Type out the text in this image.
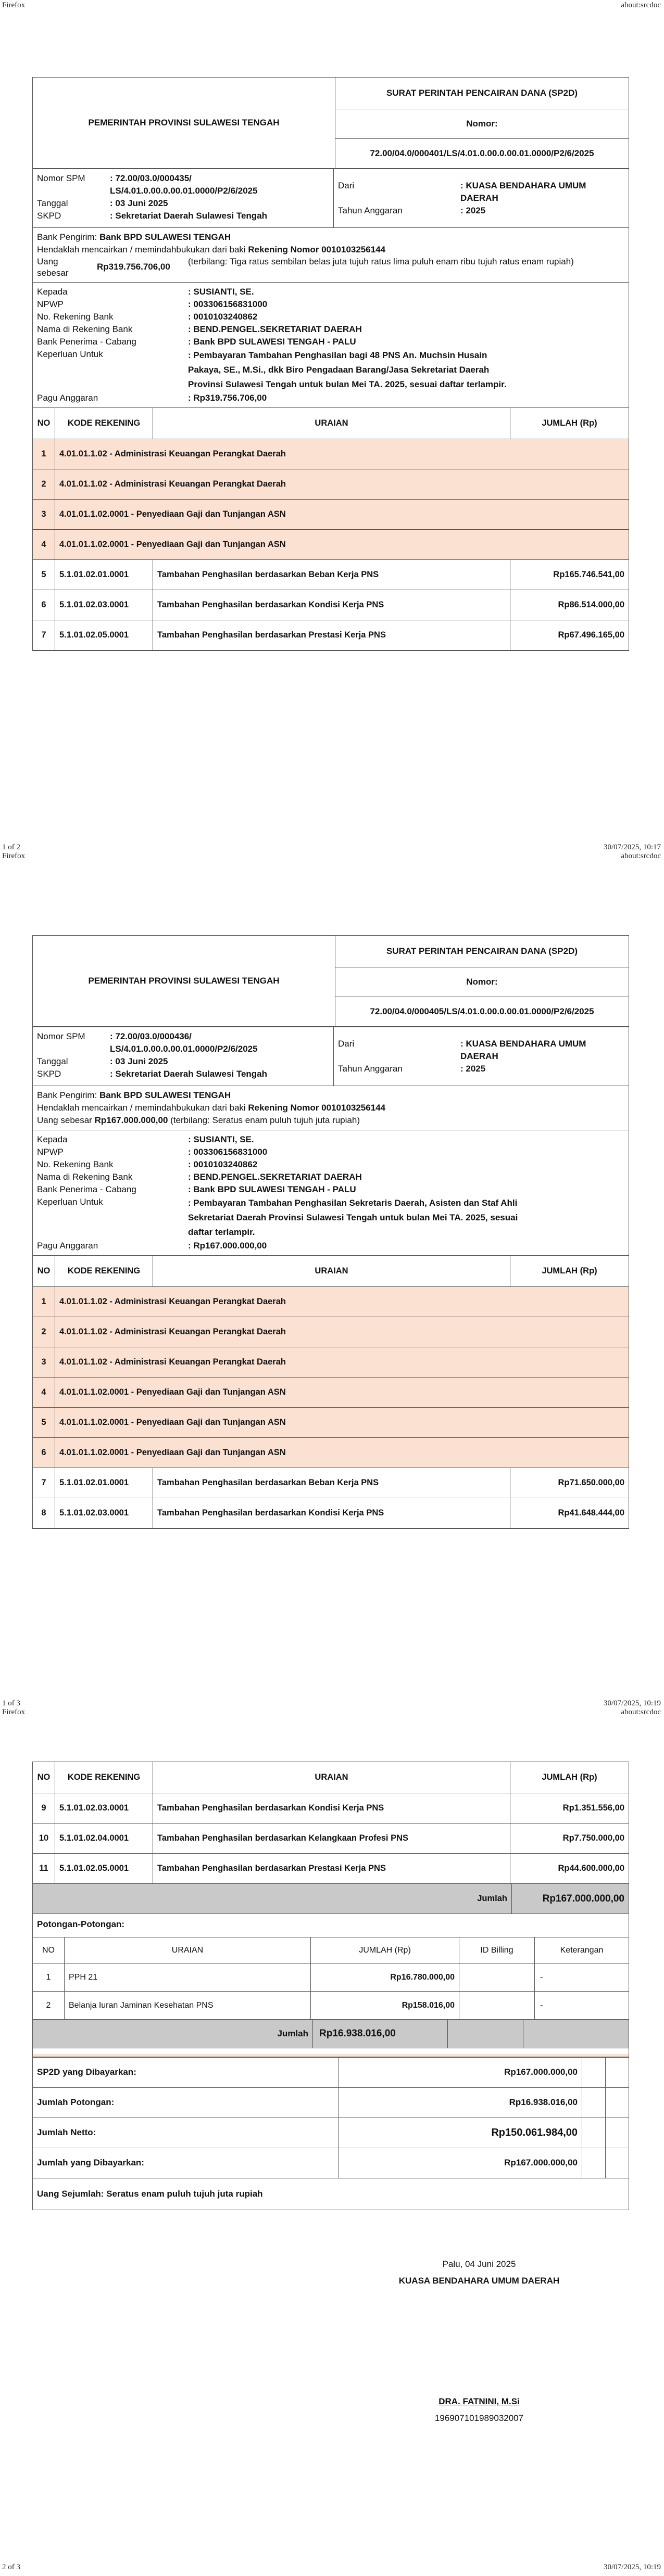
Firefox	about:srcdoc
PEMERINTAH PROVINSI SULAWESI TENGAH	SURAT PERINTAH PENCAIRAN DANA (SP2D)
Nomor:
72.00/04.0/000401/LS/4.01.0.00.0.00.01.0000/P2/6/2025
Nomor SPM	: 72.00/03.0/000435/
LS/4.01.0.00.0.00.01.0000/P2/6/2025
Tanggal	: 03 Juni 2025
SKPD	: Sekretariat Daerah Sulawesi Tengah
Dari	: KUASA BENDAHARA UMUM
DAERAH
Tahun Anggaran	: 2025
Bank Pengirim: Bank BPD SULAWESI TENGAH
Hendaklah mencairkan / memindahbukukan dari baki Rekening Nomor 0010103256144
Uang
sebesar
Rp319.756.706,00
(terbilang: Tiga ratus sembilan belas juta tujuh ratus lima puluh enam ribu tujuh ratus enam rupiah)
Kepada	: SUSIANTI, SE.
NPWP	: 003306156831000
No. Rekening Bank	: 0010103240862
Nama di Rekening Bank	: BEND.PENGEL.SEKRETARIAT DAERAH
Bank Penerima - Cabang	: Bank BPD SULAWESI TENGAH - PALU
Keperluan Untuk	: Pembayaran Tambahan Penghasilan bagi 48 PNS An. Muchsin Husain Pakaya, SE., M.Si., dkk Biro Pengadaan Barang/Jasa Sekretariat Daerah Provinsi Sulawesi Tengah untuk bulan Mei TA. 2025, sesuai daftar terlampir.
Pagu Anggaran	: Rp319.756.706,00
NO	KODE REKENING	URAIAN	JUMLAH (Rp)
1	4.01.01.1.02 - Administrasi Keuangan Perangkat Daerah		
2	4.01.01.1.02 - Administrasi Keuangan Perangkat Daerah		
3	4.01.01.1.02.0001 - Penyediaan Gaji dan Tunjangan ASN		
4	4.01.01.1.02.0001 - Penyediaan Gaji dan Tunjangan ASN		
5	5.1.01.02.01.0001	Tambahan Penghasilan berdasarkan Beban Kerja PNS	Rp165.746.541,00
6	5.1.01.02.03.0001	Tambahan Penghasilan berdasarkan Kondisi Kerja PNS	Rp86.514.000,00
7	5.1.01.02.05.0001	Tambahan Penghasilan berdasarkan Prestasi Kerja PNS	Rp67.496.165,00
1 of 2	30/07/2025, 10:17
Firefox	about:srcdoc
PEMERINTAH PROVINSI SULAWESI TENGAH	SURAT PERINTAH PENCAIRAN DANA (SP2D)
Nomor:
72.00/04.0/000405/LS/4.01.0.00.0.00.01.0000/P2/6/2025
Nomor SPM	: 72.00/03.0/000436/
LS/4.01.0.00.0.00.01.0000/P2/6/2025
Tanggal	: 03 Juni 2025
SKPD	: Sekretariat Daerah Sulawesi Tengah
Dari	: KUASA BENDAHARA UMUM
DAERAH
Tahun Anggaran	: 2025
Bank Pengirim: Bank BPD SULAWESI TENGAH
Hendaklah mencairkan / memindahbukukan dari baki Rekening Nomor 0010103256144
Uang sebesar Rp167.000.000,00 (terbilang: Seratus enam puluh tujuh juta rupiah)
Kepada	: SUSIANTI, SE.
NPWP	: 003306156831000
No. Rekening Bank	: 0010103240862
Nama di Rekening Bank	: BEND.PENGEL.SEKRETARIAT DAERAH
Bank Penerima - Cabang	: Bank BPD SULAWESI TENGAH - PALU
Keperluan Untuk	: Pembayaran Tambahan Penghasilan Sekretaris Daerah, Asisten dan Staf Ahli Sekretariat Daerah Provinsi Sulawesi Tengah untuk bulan Mei TA. 2025, sesuai daftar terlampir.
Pagu Anggaran	: Rp167.000.000,00
NO	KODE REKENING	URAIAN	JUMLAH (Rp)
1	4.01.01.1.02 - Administrasi Keuangan Perangkat Daerah		
2	4.01.01.1.02 - Administrasi Keuangan Perangkat Daerah		
3	4.01.01.1.02 - Administrasi Keuangan Perangkat Daerah		
4	4.01.01.1.02.0001 - Penyediaan Gaji dan Tunjangan ASN		
5	4.01.01.1.02.0001 - Penyediaan Gaji dan Tunjangan ASN		
6	4.01.01.1.02.0001 - Penyediaan Gaji dan Tunjangan ASN		
7	5.1.01.02.01.0001	Tambahan Penghasilan berdasarkan Beban Kerja PNS	Rp71.650.000,00
8	5.1.01.02.03.0001	Tambahan Penghasilan berdasarkan Kondisi Kerja PNS	Rp41.648.444,00
1 of 3	30/07/2025, 10:19
Firefox	about:srcdoc
NO	KODE REKENING	URAIAN	JUMLAH (Rp)
9	5.1.01.02.03.0001	Tambahan Penghasilan berdasarkan Kondisi Kerja PNS	Rp1.351.556,00
10	5.1.01.02.04.0001	Tambahan Penghasilan berdasarkan Kelangkaan Profesi PNS	Rp7.750.000,00
11	5.1.01.02.05.0001	Tambahan Penghasilan berdasarkan Prestasi Kerja PNS	Rp44.600.000,00
Jumlah	Rp167.000.000,00
Potongan-Potongan:
NO	URAIAN	JUMLAH (Rp)	ID Billing	Keterangan
1	PPH 21	Rp16.780.000,00		-
2	Belanja Iuran Jaminan Kesehatan PNS	Rp158.016,00		-
Jumlah	Rp16.938.016,00		
SP2D yang Dibayarkan:	Rp167.000.000,00		
Jumlah Potongan:	Rp16.938.016,00		
Jumlah Netto:	Rp150.061.984,00		
Jumlah yang Dibayarkan:	Rp167.000.000,00		
Uang Sejumlah: Seratus enam puluh tujuh juta rupiah
Palu, 04 Juni 2025
KUASA BENDAHARA UMUM DAERAH
DRA. FATNINI, M.Si
196907101989032007
2 of 3	30/07/2025, 10:19
